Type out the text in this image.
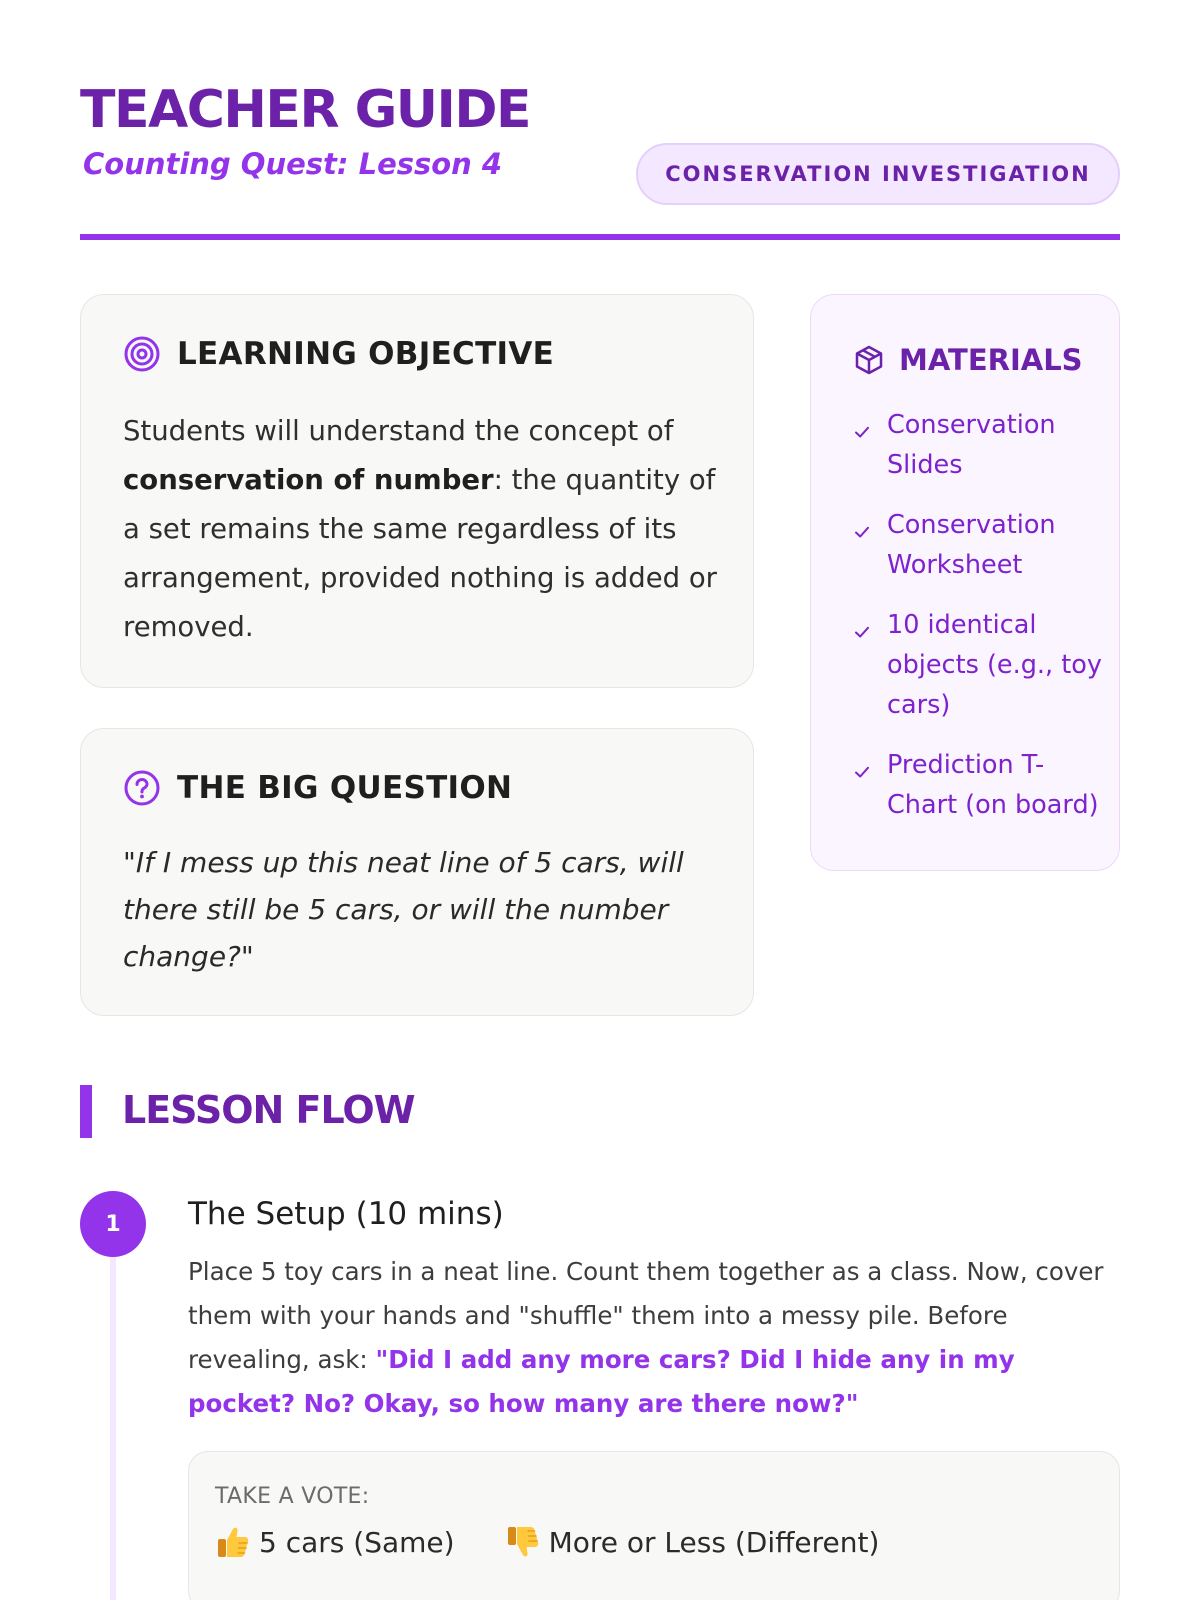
TEACHER GUIDE
Counting Quest: Lesson 4	CONSERVATION INVESTIGATION
LEARNING OBJECTIVE
Students will understand the concept of conservation of number: the quantity of a set remains the same regardless of its arrangement, provided nothing is added or removed.
THE BIG QUESTION
"If I mess up this neat line of 5 cars, will there still be 5 cars, or will the number change?"
MATERIALS
Conservation Slides
Conservation Worksheet
10 identical objects (e.g., toy cars)
Prediction T-Chart (on board)
LESSON FLOW
1	The Setup (10 mins)
Place 5 toy cars in a neat line. Count them together as a class. Now, cover them with your hands and "shuffle" them into a messy pile. Before revealing, ask: "Did I add any more cars? Did I hide any in my pocket? No? Okay, so how many are there now?"
TAKE A VOTE:
5 cars (Same)	More or Less (Different)
